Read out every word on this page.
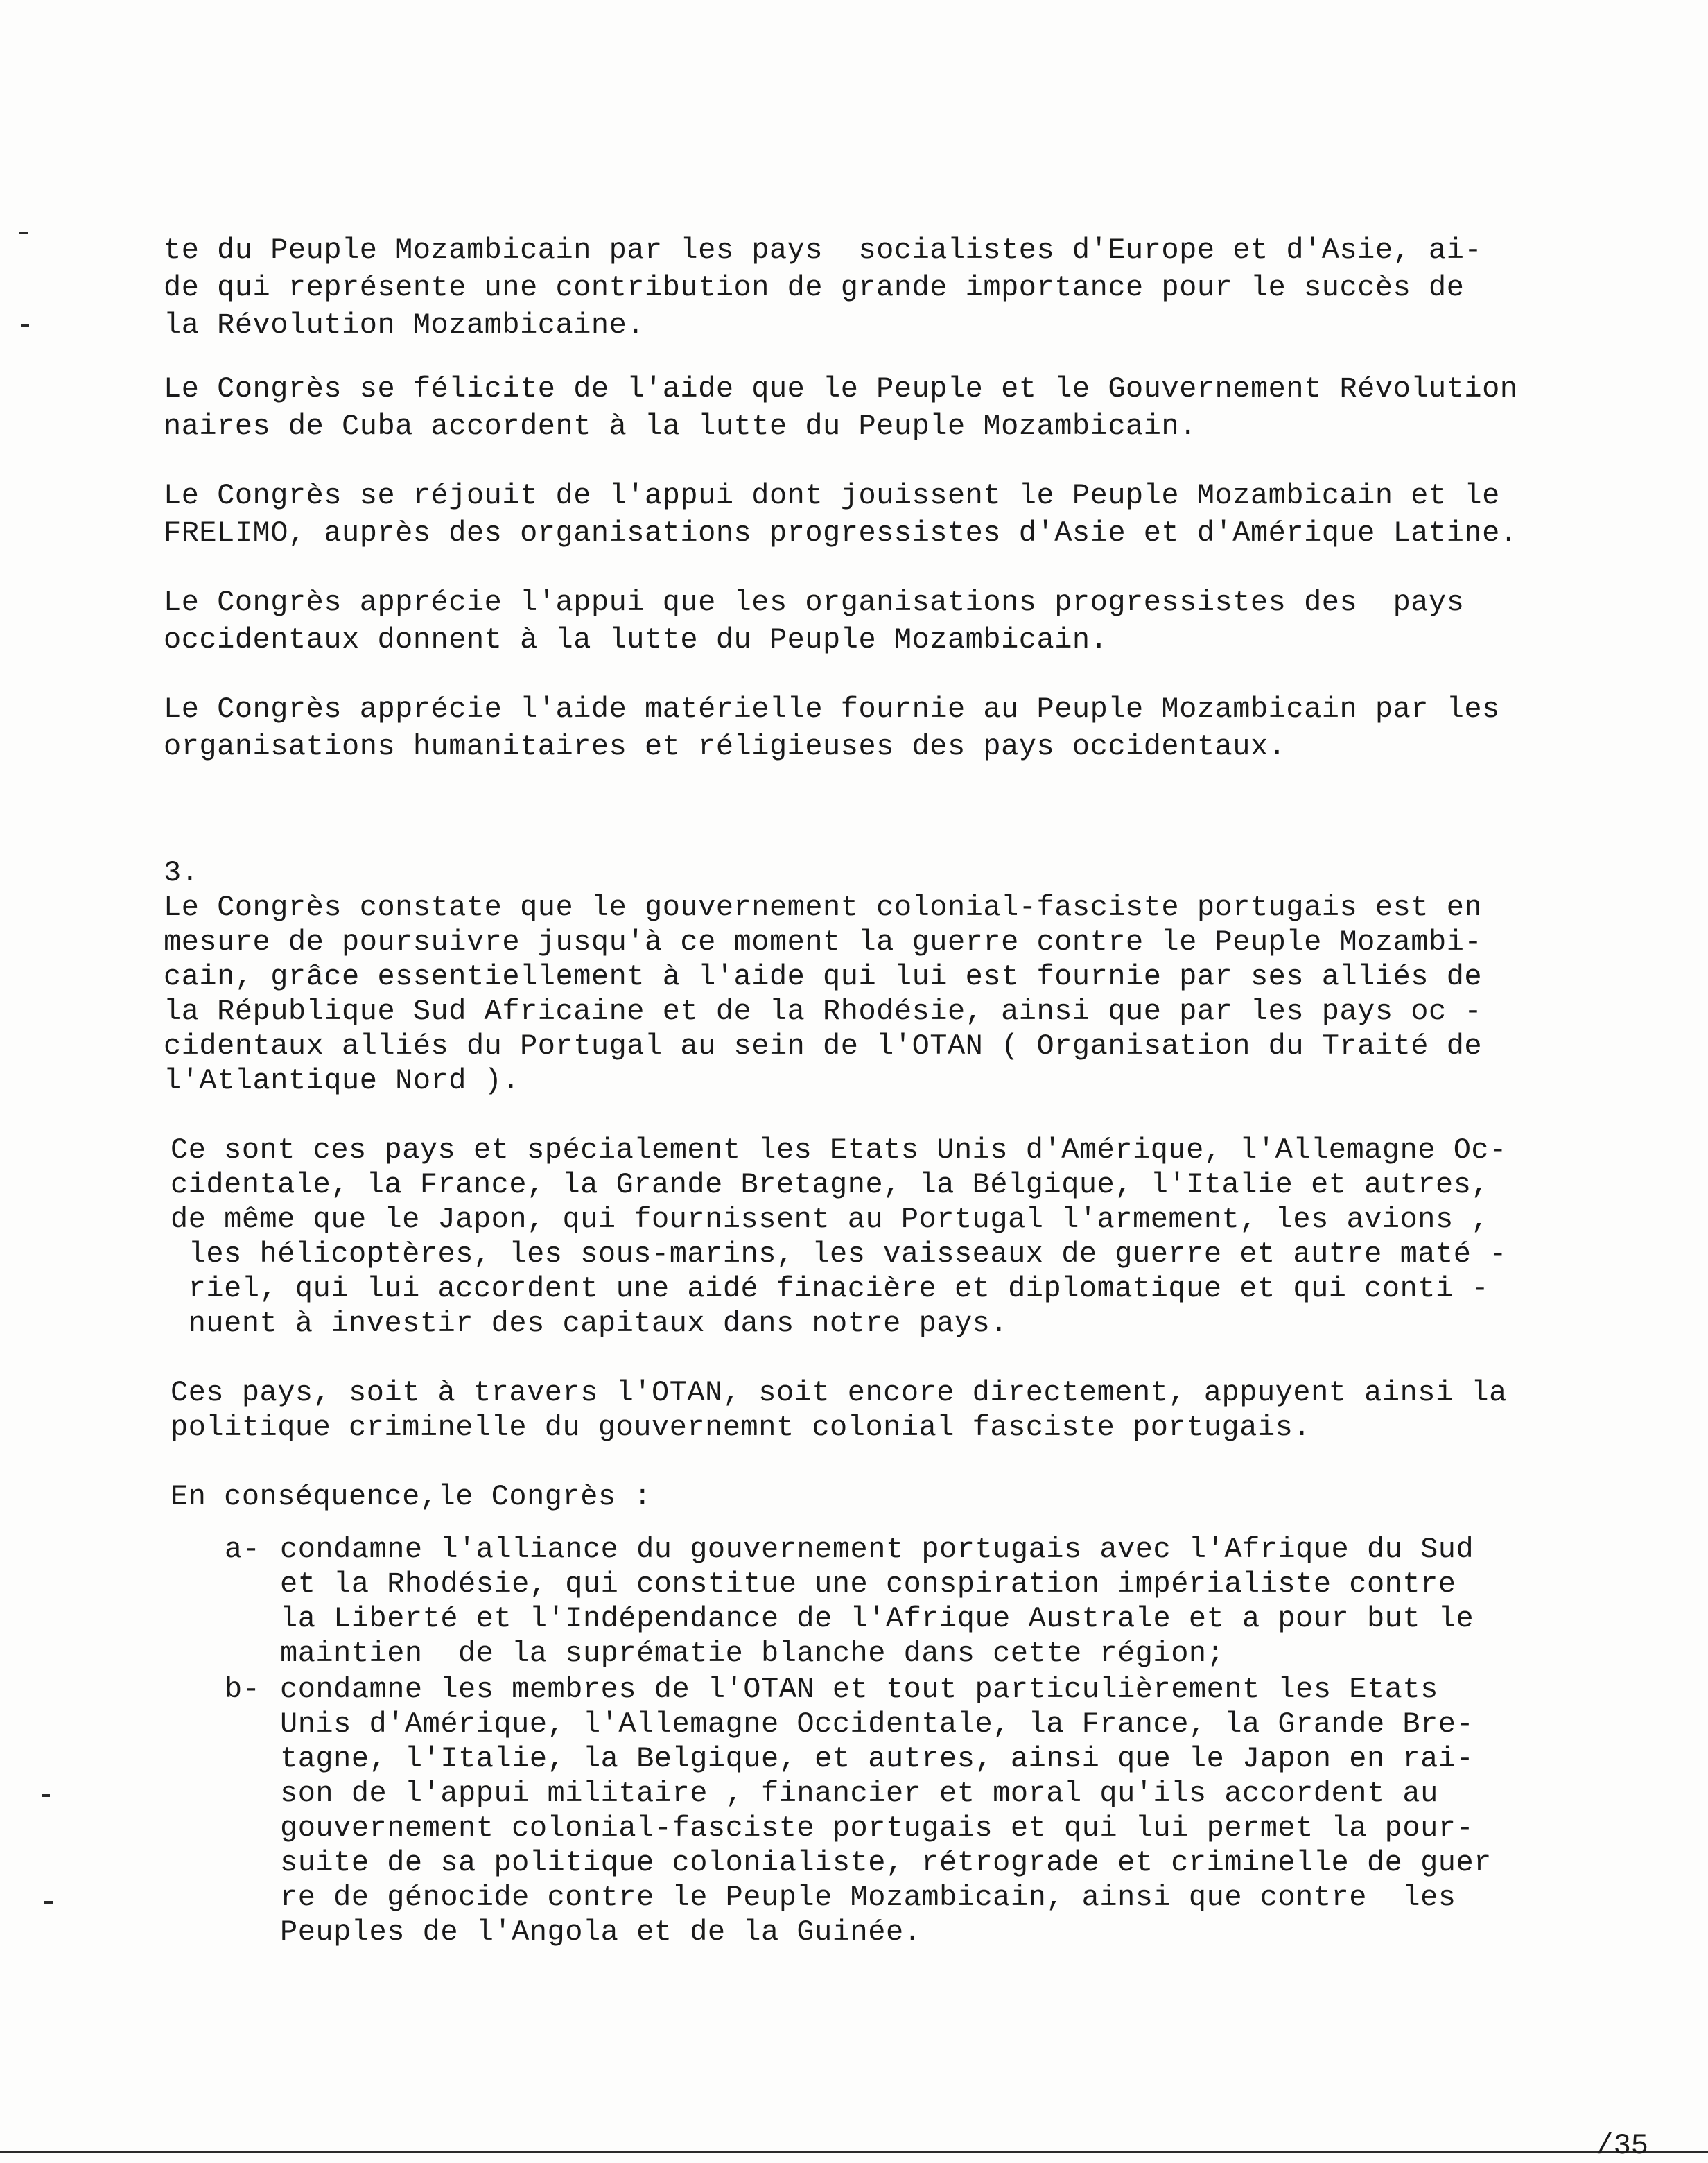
te du Peuple Mozambicain par les pays  socialistes d'Europe et d'Asie, ai-
de qui représente une contribution de grande importance pour le succès de
la Révolution Mozambicaine.
Le Congrès se félicite de l'aide que le Peuple et le Gouvernement Révolution
naires de Cuba accordent à la lutte du Peuple Mozambicain.
Le Congrès se réjouit de l'appui dont jouissent le Peuple Mozambicain et le
FRELIMO, auprès des organisations progressistes d'Asie et d'Amérique Latine.
Le Congrès apprécie l'appui que les organisations progressistes des  pays
occidentaux donnent à la lutte du Peuple Mozambicain.
Le Congrès apprécie l'aide matérielle fournie au Peuple Mozambicain par les
organisations humanitaires et réligieuses des pays occidentaux.
3.
Le Congrès constate que le gouvernement colonial-fasciste portugais est en
mesure de poursuivre jusqu'à ce moment la guerre contre le Peuple Mozambi-
cain, grâce essentiellement à l'aide qui lui est fournie par ses alliés de
la République Sud Africaine et de la Rhodésie, ainsi que par les pays oc -
cidentaux alliés du Portugal au sein de l'OTAN ( Organisation du Traité de
l'Atlantique Nord ).
Ce sont ces pays et spécialement les Etats Unis d'Amérique, l'Allemagne Oc-
cidentale, la France, la Grande Bretagne, la Bélgique, l'Italie et autres,
de même que le Japon, qui fournissent au Portugal l'armement, les avions ,
les hélicoptères, les sous-marins, les vaisseaux de guerre et autre maté -
riel, qui lui accordent une aidé finacière et diplomatique et qui conti -
nuent à investir des capitaux dans notre pays.
Ces pays, soit à travers l'OTAN, soit encore directement, appuyent ainsi la
politique criminelle du gouvernemnt colonial fasciste portugais.
En conséquence,le Congrès :
a- condamne l'alliance du gouvernement portugais avec l'Afrique du Sud
et la Rhodésie, qui constitue une conspiration impérialiste contre
la Liberté et l'Indépendance de l'Afrique Australe et a pour but le
maintien  de la suprématie blanche dans cette région;
b- condamne les membres de l'OTAN et tout particulièrement les Etats
Unis d'Amérique, l'Allemagne Occidentale, la France, la Grande Bre-
tagne, l'Italie, la Belgique, et autres, ainsi que le Japon en rai-
son de l'appui militaire , financier et moral qu'ils accordent au
gouvernement colonial-fasciste portugais et qui lui permet la pour-
suite de sa politique colonialiste, rétrograde et criminelle de guer
re de génocide contre le Peuple Mozambicain, ainsi que contre  les
Peuples de l'Angola et de la Guinée.
/35
